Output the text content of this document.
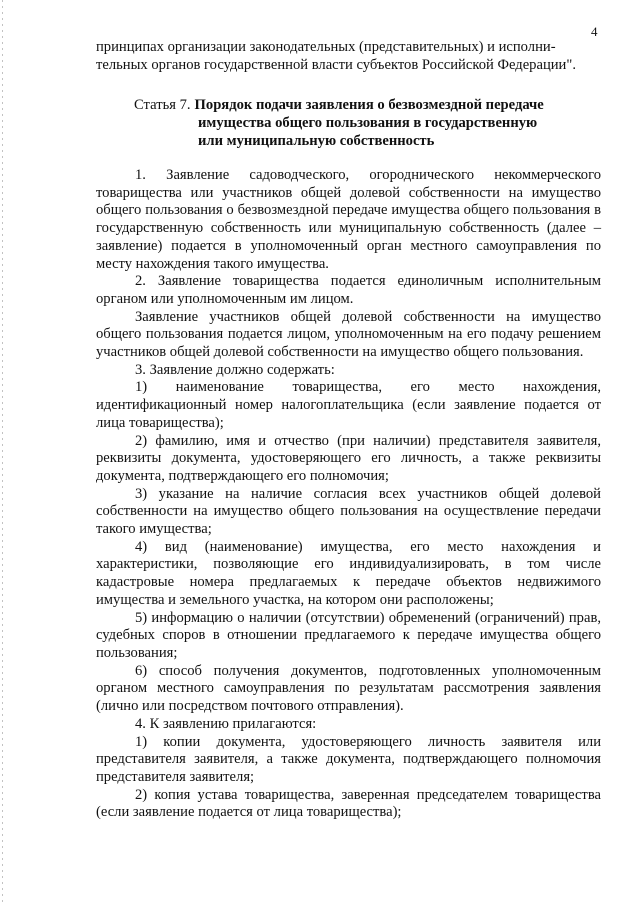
4

принципах организации законодательных (представительных) и исполни-

тельных органов государственной власти субъектов Российской Федерации".

Статья 7. Порядок подачи заявления о безвозмездной передаче
имущества общего пользования в государственную
или муниципальную собственность

1. Заявление садоводческого, огороднического некоммерческого товарищества или участников общей долевой собственности на имущество общего пользования о безвозмездной передаче имущества общего пользования в государственную собственность или муниципальную собственность (далее – заявление) подается в уполномоченный орган местного самоуправления по месту нахождения такого имущества.

2. Заявление товарищества подается единоличным исполнительным органом или уполномоченным им лицом.

Заявление участников общей долевой собственности на имущество общего пользования подается лицом, уполномоченным на его подачу решением участников общей долевой собственности на имущество общего пользования.

3. Заявление должно содержать:

1) наименование товарищества, его место нахождения, идентификационный номер налогоплательщика (если заявление подается от лица товарищества);

2) фамилию, имя и отчество (при наличии) представителя заявителя, реквизиты документа, удостоверяющего его личность, а также реквизиты документа, подтверждающего его полномочия;

3) указание на наличие согласия всех участников общей долевой собственности на имущество общего пользования на осуществление передачи такого имущества;

4) вид (наименование) имущества, его место нахождения и характеристики, позволяющие его индивидуализировать, в том числе кадастровые номера предлагаемых к передаче объектов недвижимого имущества и земельного участка, на котором они расположены;

5) информацию о наличии (отсутствии) обременений (ограничений) прав, судебных споров в отношении предлагаемого к передаче имущества общего пользования;

6) способ получения документов, подготовленных уполномоченным органом местного самоуправления по результатам рассмотрения заявления (лично или посредством почтового отправления).

4. К заявлению прилагаются:

1) копии документа, удостоверяющего личность заявителя или представителя заявителя, а также документа, подтверждающего полномочия представителя заявителя;

2) копия устава товарищества, заверенная председателем товарищества (если заявление подается от лица товарищества);
